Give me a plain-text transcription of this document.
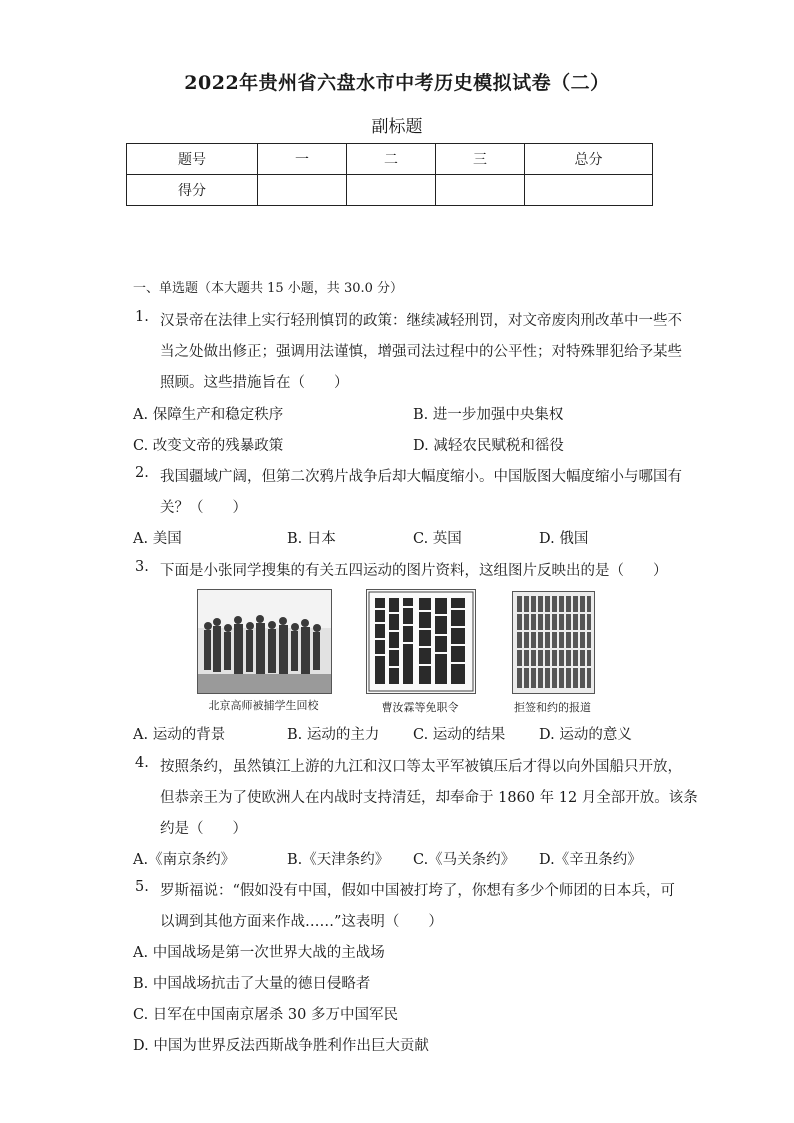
2022年贵州省六盘水市中考历史模拟试卷（二）
副标题
题号	一	二	三	总分
得分				
一、单选题（本大题共 15 小题，共 30.0 分）
1. 汉景帝在法律上实行轻刑慎罚的政策：继续减轻刑罚，对文帝废肉刑改革中一些不
当之处做出修正；强调用法谨慎，增强司法过程中的公平性；对特殊罪犯给予某些
照顾。这些措施旨在（　　）
A. 保障生产和稳定秩序	B. 进一步加强中央集权
C. 改变文帝的残暴政策	D. 减轻农民赋税和徭役
2. 我国疆域广阔，但第二次鸦片战争后却大幅度缩小。中国版图大幅度缩小与哪国有
关？（　　）
A. 美国	B. 日本	C. 英国	D. 俄国
3. 下面是小张同学搜集的有关五四运动的图片资料，这组图片反映出的是（　　）
北京高师被捕学生回校	曹汝霖等免职令	拒签和约的报道
A. 运动的背景	B. 运动的主力 C. 运动的结果 D. 运动的意义
4. 按照条约，虽然镇江上游的九江和汉口等太平军被镇压后才得以向外国船只开放，
但恭亲王为了使欧洲人在内战时支持清廷，却奉命于 1860 年 12 月全部开放。该条
约是（　　）
A.《南京条约》	B.《天津条约》 C.《马关条约》 D.《辛丑条约》
5. 罗斯福说：“假如没有中国，假如中国被打垮了，你想有多少个师团的日本兵，可
以调到其他方面来作战……”这表明（　　）
A. 中国战场是第一次世界大战的主战场
B. 中国战场抗击了大量的德日侵略者
C. 日军在中国南京屠杀 30 多万中国军民
D. 中国为世界反法西斯战争胜利作出巨大贡献
